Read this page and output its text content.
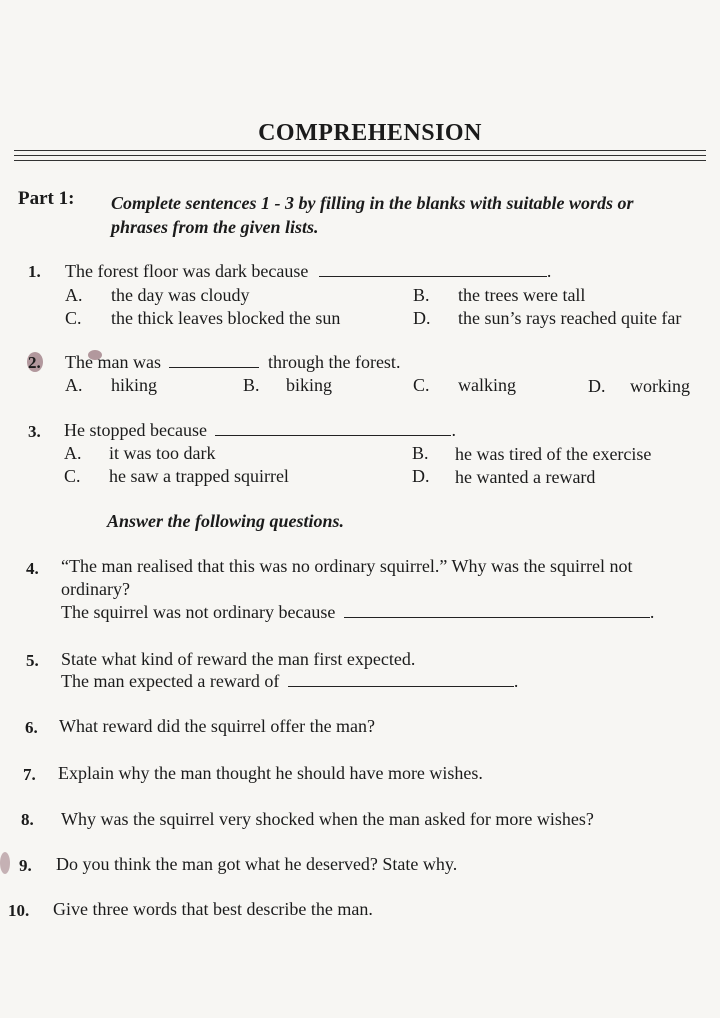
COMPREHENSION
Part 1: Complete sentences 1 - 3 by filling in the blanks with suitable words or
phrases from the given lists.
1. The forest floor was dark because	.
A. the day was cloudy	B. the trees were tall
C. the thick leaves blocked the sun	D. the sun’s rays reached quite far
2. The man was	through the forest.
A. hiking	B. biking	C. walking	D. working
3. He stopped because	.
A. it was too dark	B. he was tired of the exercise
C. he saw a trapped squirrel	D. he wanted a reward
Answer the following questions.
4. “The man realised that this was no ordinary squirrel.” Why was the squirrel not
ordinary?
The squirrel was not ordinary because	.
5. State what kind of reward the man first expected.
The man expected a reward of	.
6. What reward did the squirrel offer the man?
7. Explain why the man thought he should have more wishes.
8. Why was the squirrel very shocked when the man asked for more wishes?
9. Do you think the man got what he deserved? State why.
10. Give three words that best describe the man.
